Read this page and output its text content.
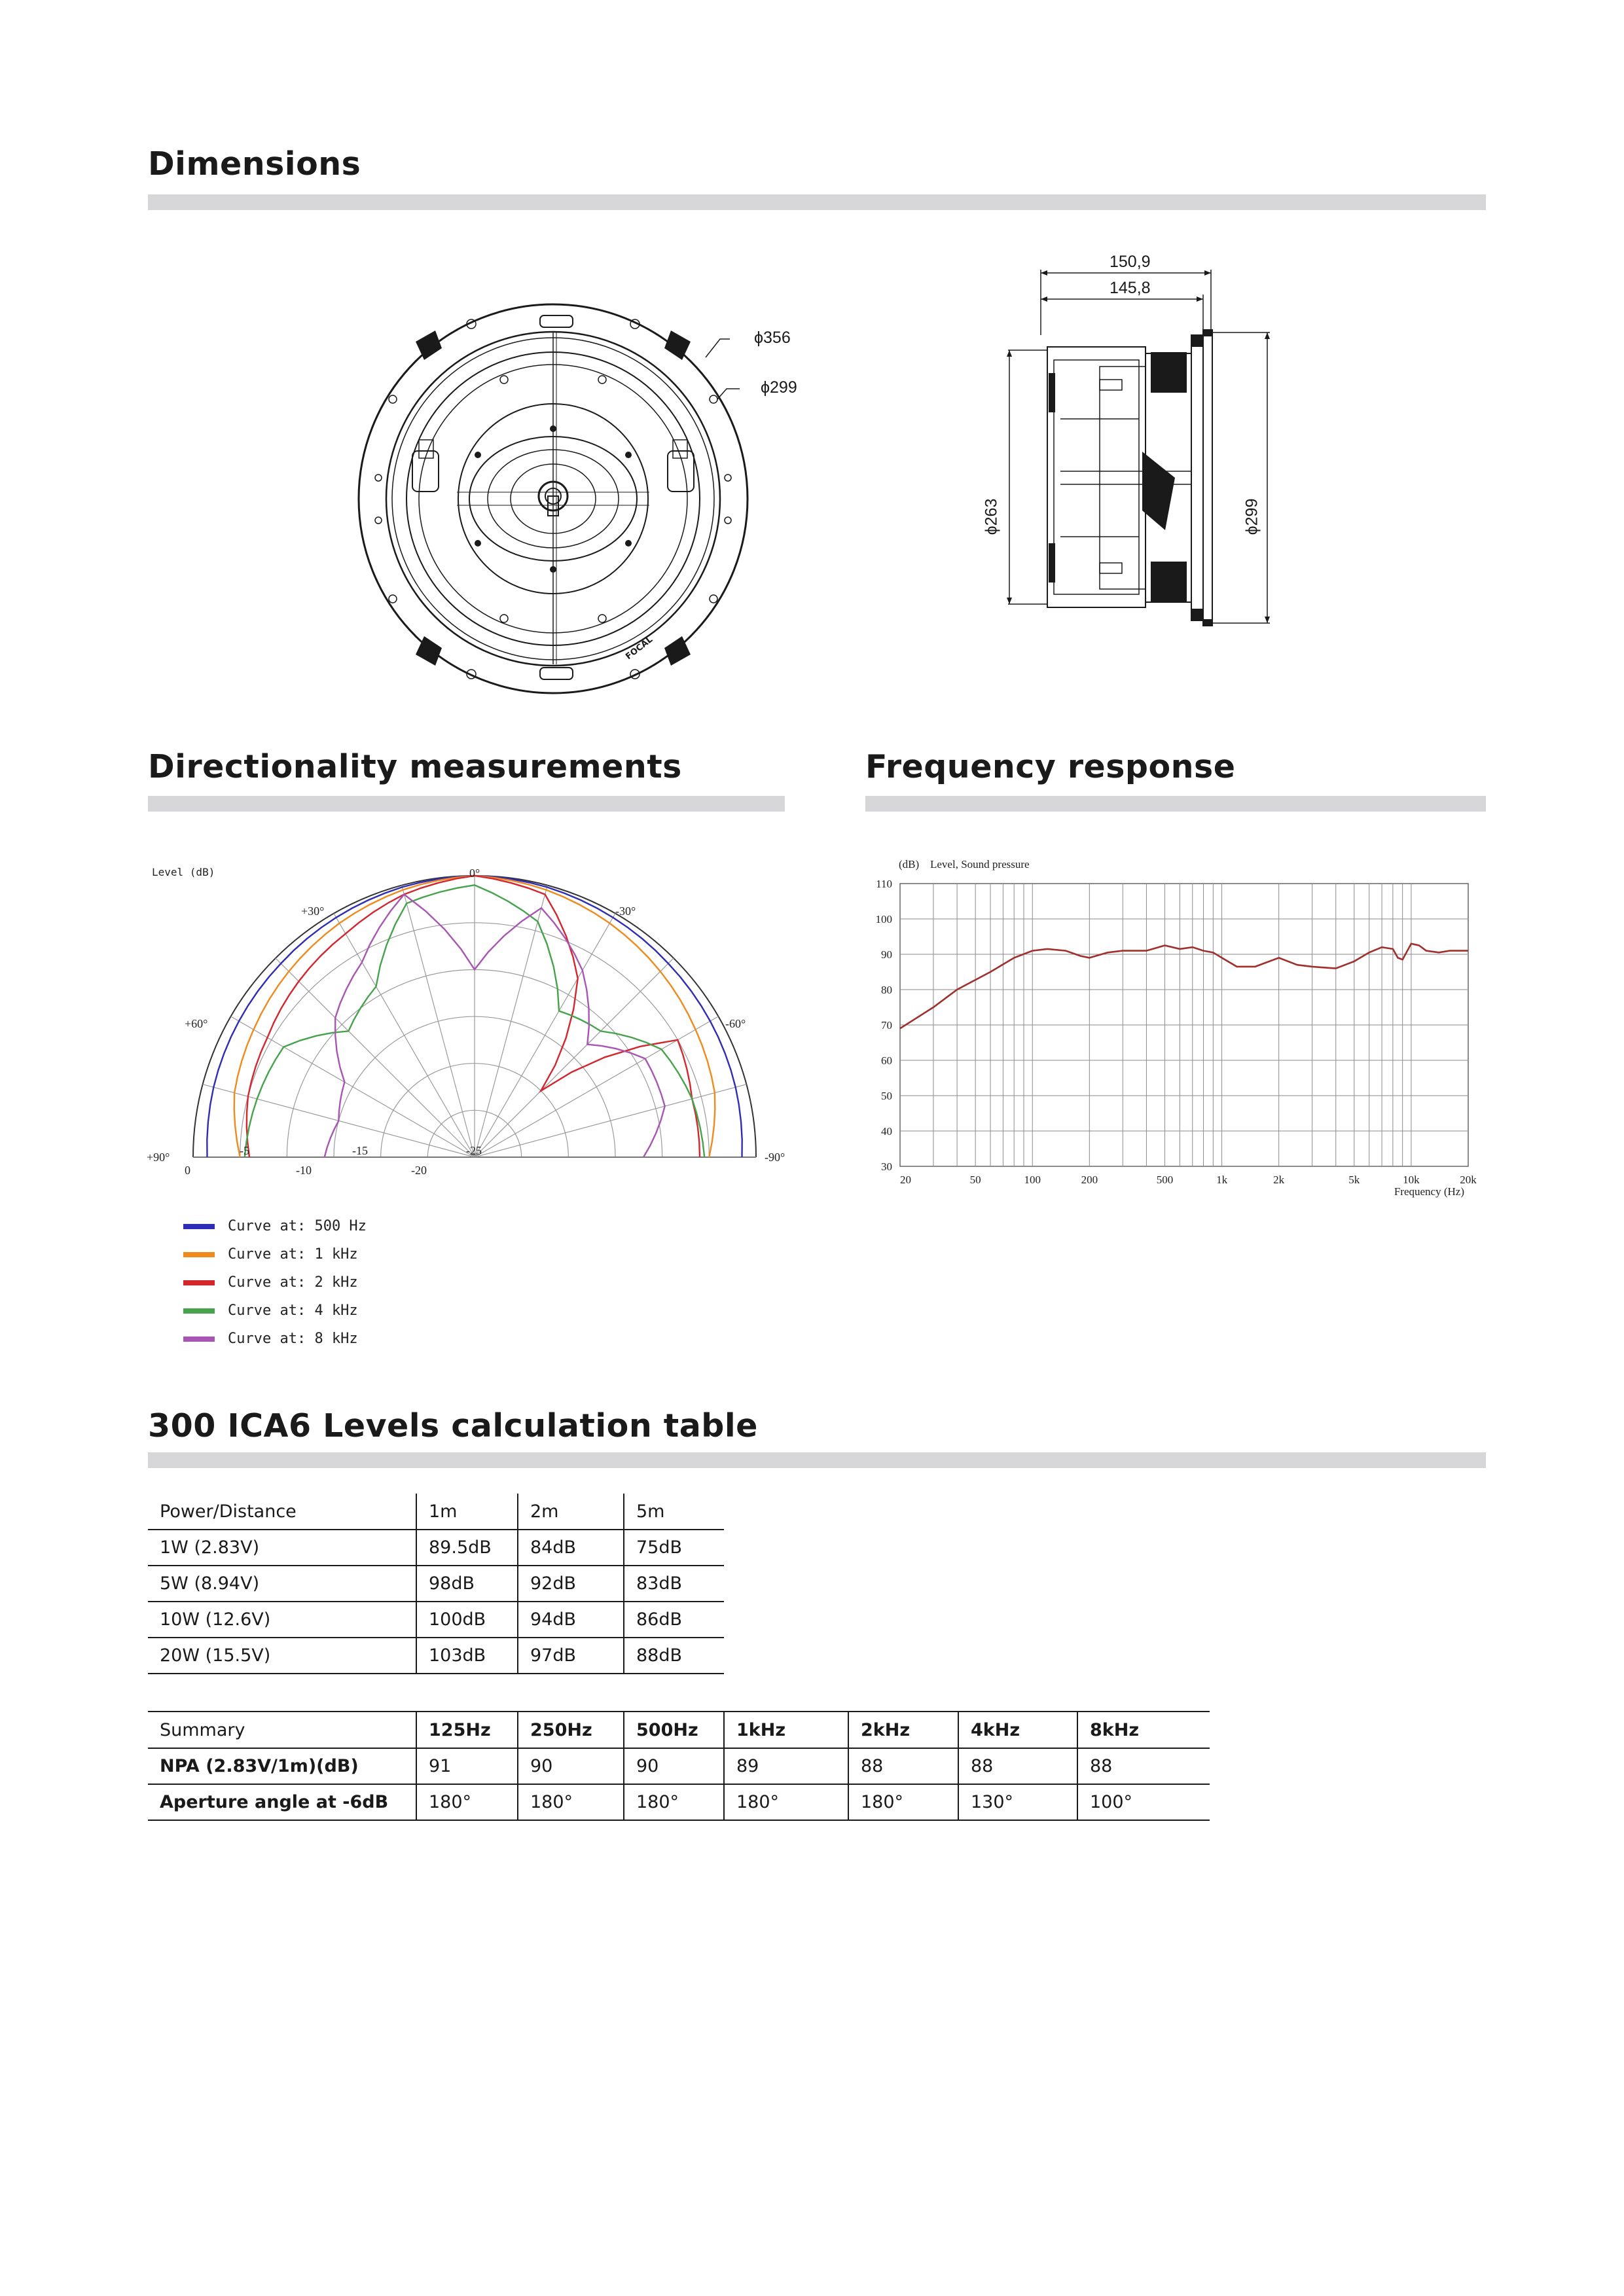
Dimensions
Directionality measurements	Frequency response
300 ICA6 Levels calculation table
FOCAL
ϕ356
ϕ299
150,9
145,8
ϕ263
ϕ299
Level (dB)	0°
+30°	-30°
+60°	-60°
+90°	-90°
0	-10	-20
-5	-15	-25
Curve at: 500 Hz
Curve at: 1 kHz
Curve at: 2 kHz
Curve at: 4 kHz
Curve at: 8 kHz
110
100
90
80
70
60
50
40
30
20	50	100	200	500	1k	2k	5k	10k	20k
(dB) Level, Sound pressure
Frequency (Hz)
Power/Distance	1m	2m	5m
1W (2.83V)	89.5dB	84dB	75dB
5W (8.94V)	98dB	92dB	83dB
10W (12.6V)	100dB	94dB	86dB
20W (15.5V)	103dB	97dB	88dB
Summary	125Hz	250Hz	500Hz	1kHz	2kHz	4kHz	8kHz
NPA (2.83V/1m)(dB)	91	90	90	89	88	88	88
Aperture angle at -6dB	180°	180°	180°	180°	180°	130°	100°
